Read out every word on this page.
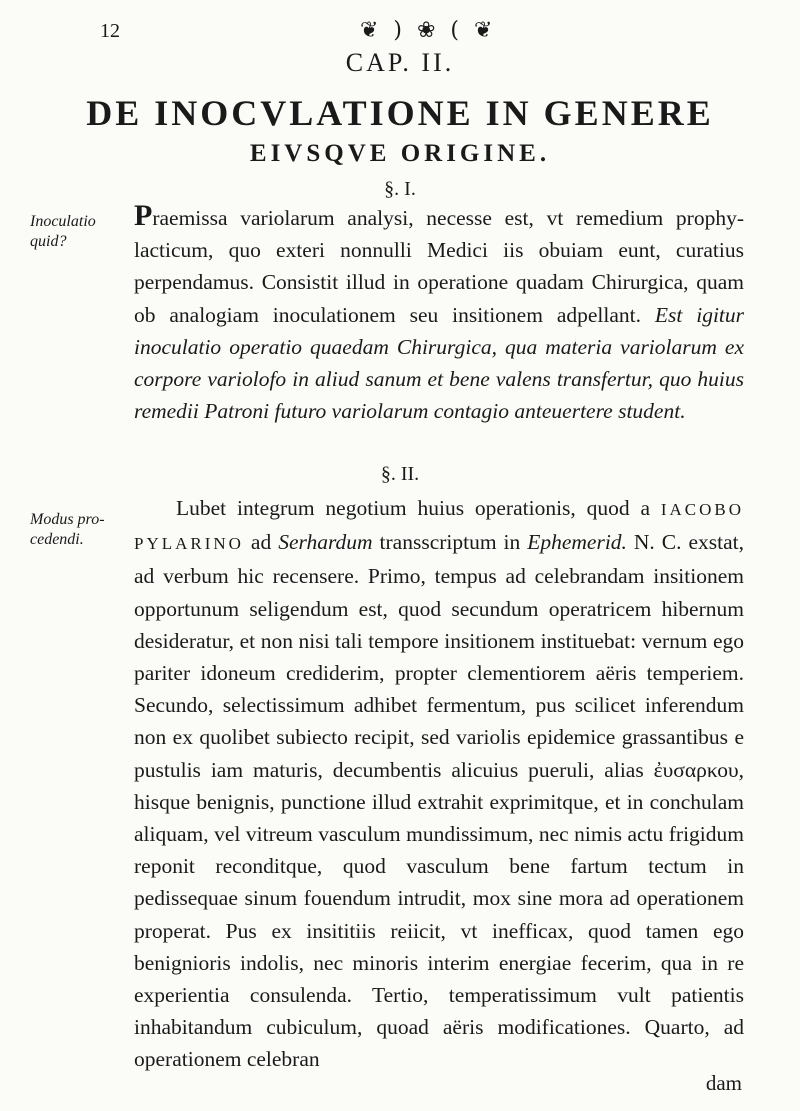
12	❦ ) ❀ ( ❦
CAP. II.
DE INOCVLATIONE IN GENERE
EIVSQVE ORIGINE.
§. I.
Inoculatio quid?

Praemissa variolarum analysi, necesse est, vt remedium prophylacticum, quo exteri nonnulli Medici iis obuiam eunt, curatius perpendamus. Consistit illud in operatione quadam Chirurgica, quam ob analogiam inoculationem seu insitionem adpellant. Est igitur inoculatio operatio quaedam Chirurgica, qua materia variolarum ex corpore variolofo in aliud sanum et bene valens transfertur, quo huius remedii Patroni futuro variolarum contagio anteuertere student.

§. II.
Modus procedendi.

Lubet integrum negotium huius operationis, quod a IACOBO PYLARINO ad Serhardum transscriptum in Ephemerid. N. C. exstat, ad verbum hic recensere. Primo, tempus ad celebrandam insitionem opportunum seligendum est, quod secundum operatricem hibernum desideratur, et non nisi tali tempore insitionem instituebat: vernum ego pariter idoneum crediderim, propter clementiorem aëris temperiem. Secundo, selectissimum adhibet fermentum, pus scilicet inferendum non ex quolibet subiecto recipit, sed variolis epidemice grassantibus e pustulis iam maturis, decumbentis alicuius pueruli, alias ἐυσαρκου, hisque benignis, punctione illud extrahit exprimitque, et in conchulam aliquam, vel vitreum vasculum mundissimum, nec nimis actu frigidum reponit reconditque, quod vasculum bene fartum tectum in pedissequae sinum fouendum intrudit, mox sine mora ad operationem properat. Pus ex insititiis reiicit, vt inefficax, quod tamen ego benignioris indolis, nec minoris interim energiae fecerim, qua in re experientia consulenda. Tertio, temperatissimum vult patientis inhabitandum cubiculum, quoad aëris modificationes. Quarto, ad operationem celebran

dam
